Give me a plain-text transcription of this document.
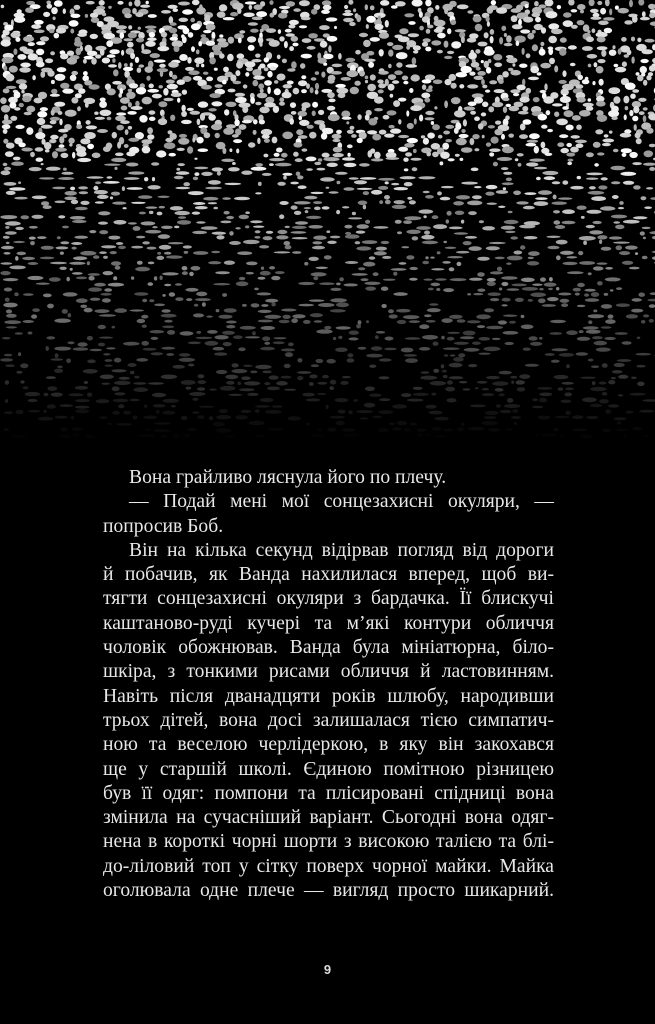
Вона грайливо ляснула його по плечу.

— Подай мені мої сонцезахисні окуляри, —
попросив Боб.

Він на кілька секунд відірвав погляд від дороги
й побачив, як Ванда нахилилася вперед, щоб ви-
тягти сонцезахисні окуляри з бардачка. Її блискучі
каштаново-руді кучері та м’які контури обличчя
чоловік обожнював. Ванда була мініатюрна, біло-
шкіра, з тонкими рисами обличчя й ластовинням.
Навіть після дванадцяти років шлюбу, народивши
трьох дітей, вона досі залишалася тією симпатич-
ною та веселою черлідеркою, в яку він закохався
ще у старшій школі. Єдиною помітною різницею
був її одяг: помпони та плісировані спідниці вона
змінила на сучасніший варіант. Сьогодні вона одяг-
нена в короткі чорні шорти з високою талією та блі-
до-ліловий топ у сітку поверх чорної майки. Майка
оголювала одне плече — вигляд просто шикарний.

9
